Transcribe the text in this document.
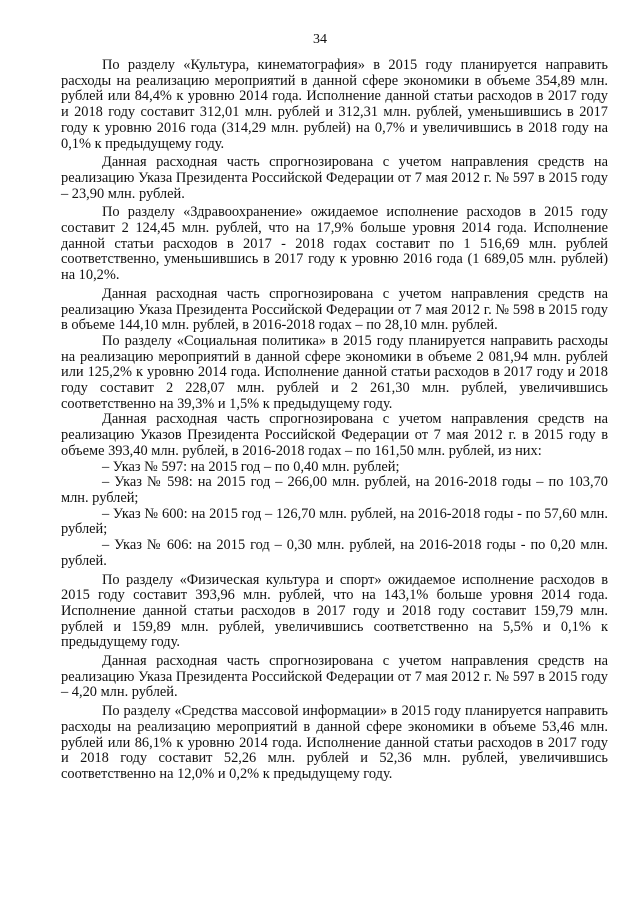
34

По разделу «Культура, кинематография» в 2015 году планируется направить расходы на реализацию мероприятий в данной сфере экономики в объеме 354,89 млн. рублей или 84,4% к уровню 2014 года. Исполнение данной статьи расходов в 2017 году и 2018 году составит 312,01 млн. рублей и 312,31 млн. рублей, уменьшившись в 2017 году к уровню 2016 года (314,29 млн. рублей) на 0,7% и увеличившись в 2018 году на 0,1% к предыдущему году.

Данная расходная часть спрогнозирована с учетом направления средств на реализацию Указа Президента Российской Федерации от 7 мая 2012 г. № 597 в 2015 году – 23,90 млн. рублей.

По разделу «Здравоохранение» ожидаемое исполнение расходов в 2015 году составит 2 124,45 млн. рублей, что на 17,9% больше уровня 2014 года. Исполнение данной статьи расходов в 2017 - 2018 годах составит по 1 516,69 млн. рублей соответственно, уменьшившись в 2017 году к уровню 2016 года (1 689,05 млн. рублей) на 10,2%.

Данная расходная часть спрогнозирована с учетом направления средств на реализацию Указа Президента Российской Федерации от 7 мая 2012 г. № 598 в 2015 году в объеме 144,10 млн. рублей, в 2016-2018 годах – по 28,10 млн. рублей.

По разделу «Социальная политика» в 2015 году планируется направить расходы на реализацию мероприятий в данной сфере экономики в объеме 2 081,94 млн. рублей или 125,2% к уровню 2014 года. Исполнение данной статьи расходов в 2017 году и 2018 году составит 2 228,07 млн. рублей и 2 261,30 млн. рублей, увеличившись соответственно на 39,3% и 1,5% к предыдущему году.

Данная расходная часть спрогнозирована с учетом направления средств на реализацию Указов Президента Российской Федерации от 7 мая 2012 г. в 2015 году в объеме 393,40 млн. рублей, в 2016-2018 годах – по 161,50 млн. рублей, из них:

– Указ № 597: на 2015 год – по 0,40 млн. рублей;

– Указ № 598: на 2015 год – 266,00 млн. рублей, на 2016-2018 годы – по 103,70 млн. рублей;

– Указ № 600: на 2015 год – 126,70 млн. рублей, на 2016-2018 годы - по 57,60 млн. рублей;

– Указ № 606: на 2015 год – 0,30 млн. рублей, на 2016-2018 годы - по 0,20 млн. рублей.

По разделу «Физическая культура и спорт» ожидаемое исполнение расходов в 2015 году составит 393,96 млн. рублей, что на 143,1% больше уровня 2014 года. Исполнение данной статьи расходов в 2017 году и 2018 году составит 159,79 млн. рублей и 159,89 млн. рублей, увеличившись соответственно на 5,5% и 0,1% к предыдущему году.

Данная расходная часть спрогнозирована с учетом направления средств на реализацию Указа Президента Российской Федерации от 7 мая 2012 г. № 597 в 2015 году – 4,20 млн. рублей.

По разделу «Средства массовой информации» в 2015 году планируется направить расходы на реализацию мероприятий в данной сфере экономики в объеме 53,46 млн. рублей или 86,1% к уровню 2014 года. Исполнение данной статьи расходов в 2017 году и 2018 году составит 52,26 млн. рублей и 52,36 млн. рублей, увеличившись соответственно на 12,0% и 0,2% к предыдущему году.
